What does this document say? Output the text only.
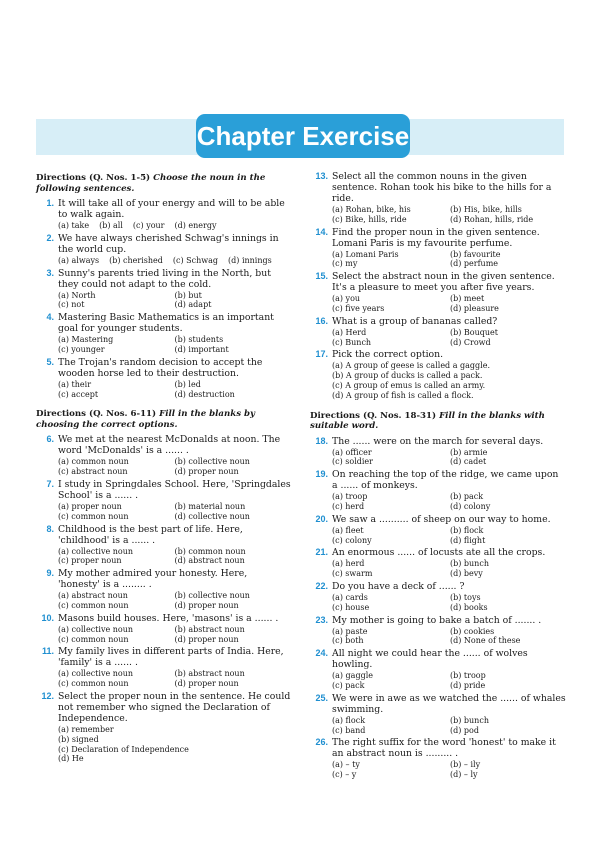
Chapter Exercise
Directions (Q. Nos. 1-5) Choose the noun in the following sentences.
1. It will take all of your energy and will to be able to walk again.
(a) take (b) all (c) your (d) energy
2. We have always cherished Schwag's innings in the world cup.
(a) always (b) cherished (c) Schwag (d) innings
3. Sunny's parents tried living in the North, but they could not adapt to the cold.
(a) North	(b) but
(c) not	(d) adapt
4. Mastering Basic Mathematics is an important goal for younger students.
(a) Mastering	(b) students
(c) younger	(d) important
5. The Trojan's random decision to accept the wooden horse led to their destruction.
(a) their	(b) led
(c) accept	(d) destruction
Directions (Q. Nos. 6-11) Fill in the blanks by choosing the correct options.
6. We met at the nearest McDonalds at noon. The word 'McDonalds' is a ...... .
(a) common noun	(b) collective noun
(c) abstract noun	(d) proper noun
7. I study in Springdales School. Here, 'Springdales School' is a ...... .
(a) proper noun	(b) material noun
(c) common noun	(d) collective noun
8. Childhood is the best part of life. Here, 'childhood' is a ...... .
(a) collective noun	(b) common noun
(c) proper noun	(d) abstract noun
9. My mother admired your honesty. Here, 'honesty' is a ........ .
(a) abstract noun	(b) collective noun
(c) common noun	(d) proper noun
10. Masons build houses. Here, 'masons' is a ...... .
(a) collective noun	(b) abstract noun
(c) common noun	(d) proper noun
11. My family lives in different parts of India. Here, 'family' is a ...... .
(a) collective noun	(b) abstract noun
(c) common noun	(d) proper noun
12. Select the proper noun in the sentence. He could not remember who signed the Declaration of Independence.
(a) remember
(b) signed
(c) Declaration of Independence
(d) He
13. Select all the common nouns in the given sentence. Rohan took his bike to the hills for a ride.
(a) Rohan, bike, his	(b) His, bike, hills
(c) Bike, hills, ride	(d) Rohan, hills, ride
14. Find the proper noun in the given sentence. Lomani Paris is my favourite perfume.
(a) Lomani Paris	(b) favourite
(c) my	(d) perfume
15. Select the abstract noun in the given sentence. It's a pleasure to meet you after five years.
(a) you	(b) meet
(c) five years	(d) pleasure
16. What is a group of bananas called?
(a) Herd	(b) Bouquet
(c) Bunch	(d) Crowd
17. Pick the correct option.
(a) A group of geese is called a gaggle.
(b) A group of ducks is called a pack.
(c) A group of emus is called an army.
(d) A group of fish is called a flock.
Directions (Q. Nos. 18-31) Fill in the blanks with suitable word.
18. The ...... were on the march for several days.
(a) officer	(b) armie
(c) soldier	(d) cadet
19. On reaching the top of the ridge, we came upon a ...... of monkeys.
(a) troop	(b) pack
(c) herd	(d) colony
20. We saw a .......... of sheep on our way to home.
(a) fleet	(b) flock
(c) colony	(d) flight
21. An enormous ...... of locusts ate all the crops.
(a) herd	(b) bunch
(c) swarm	(d) bevy
22. Do you have a deck of ...... ?
(a) cards	(b) toys
(c) house	(d) books
23. My mother is going to bake a batch of ....... .
(a) paste	(b) cookies
(c) both	(d) None of these
24. All night we could hear the ...... of wolves howling.
(a) gaggle	(b) troop
(c) pack	(d) pride
25. We were in awe as we watched the ...... of whales swimming.
(a) flock	(b) bunch
(c) band	(d) pod
26. The right suffix for the word 'honest' to make it an abstract noun is ......... .
(a) – ty	(b) – ily
(c) – y	(d) – ly
